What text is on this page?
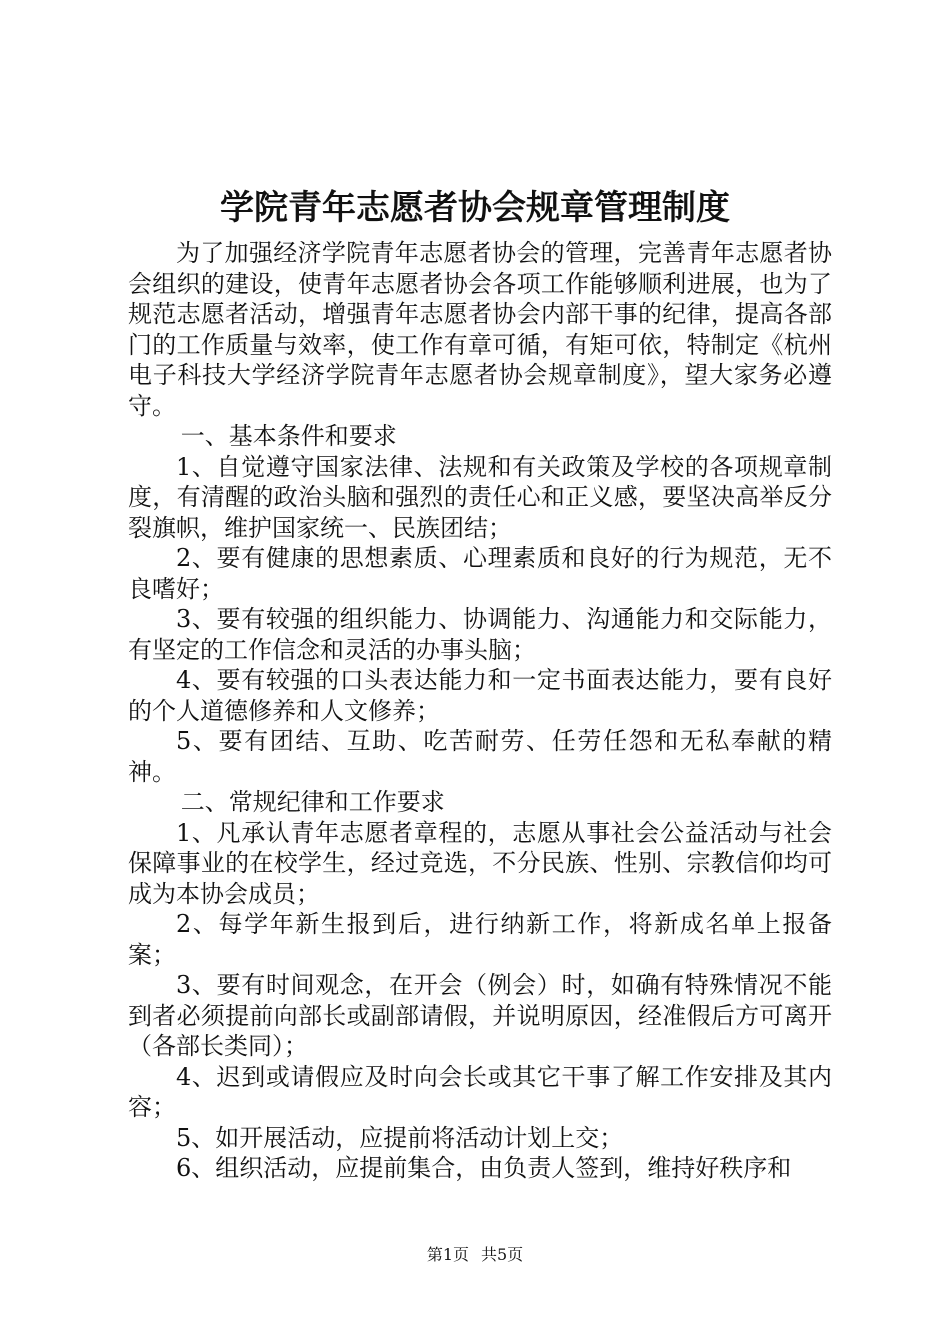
学院青年志愿者协会规章管理制度

为了加强经济学院青年志愿者协会的管理，完善青年志愿者协会组织的建设，使青年志愿者协会各项工作能够顺利进展，也为了规范志愿者活动，增强青年志愿者协会内部干事的纪律，提高各部门的工作质量与效率，使工作有章可循，有矩可依，特制定《杭州电子科技大学经济学院青年志愿者协会规章制度》，望大家务必遵守。

一、基本条件和要求

1、自觉遵守国家法律、法规和有关政策及学校的各项规章制度，有清醒的政治头脑和强烈的责任心和正义感，要坚决高举反分裂旗帜，维护国家统一、民族团结；

2、要有健康的思想素质、心理素质和良好的行为规范，无不良嗜好；

3、要有较强的组织能力、协调能力、沟通能力和交际能力，有坚定的工作信念和灵活的办事头脑；

4、要有较强的口头表达能力和一定书面表达能力，要有良好的个人道德修养和人文修养；

5、要有团结、互助、吃苦耐劳、任劳任怨和无私奉献的精神。

二、常规纪律和工作要求

1、凡承认青年志愿者章程的，志愿从事社会公益活动与社会保障事业的在校学生，经过竞选，不分民族、性别、宗教信仰均可成为本协会成员；

2、每学年新生报到后，进行纳新工作，将新成名单上报备案；

3、要有时间观念，在开会（例会）时，如确有特殊情况不能到者必须提前向部长或副部请假，并说明原因，经准假后方可离开（各部长类同）；

4、迟到或请假应及时向会长或其它干事了解工作安排及其内容；

5、如开展活动，应提前将活动计划上交；

6、组织活动，应提前集合，由负责人签到，维持好秩序和

第1页 共5页
